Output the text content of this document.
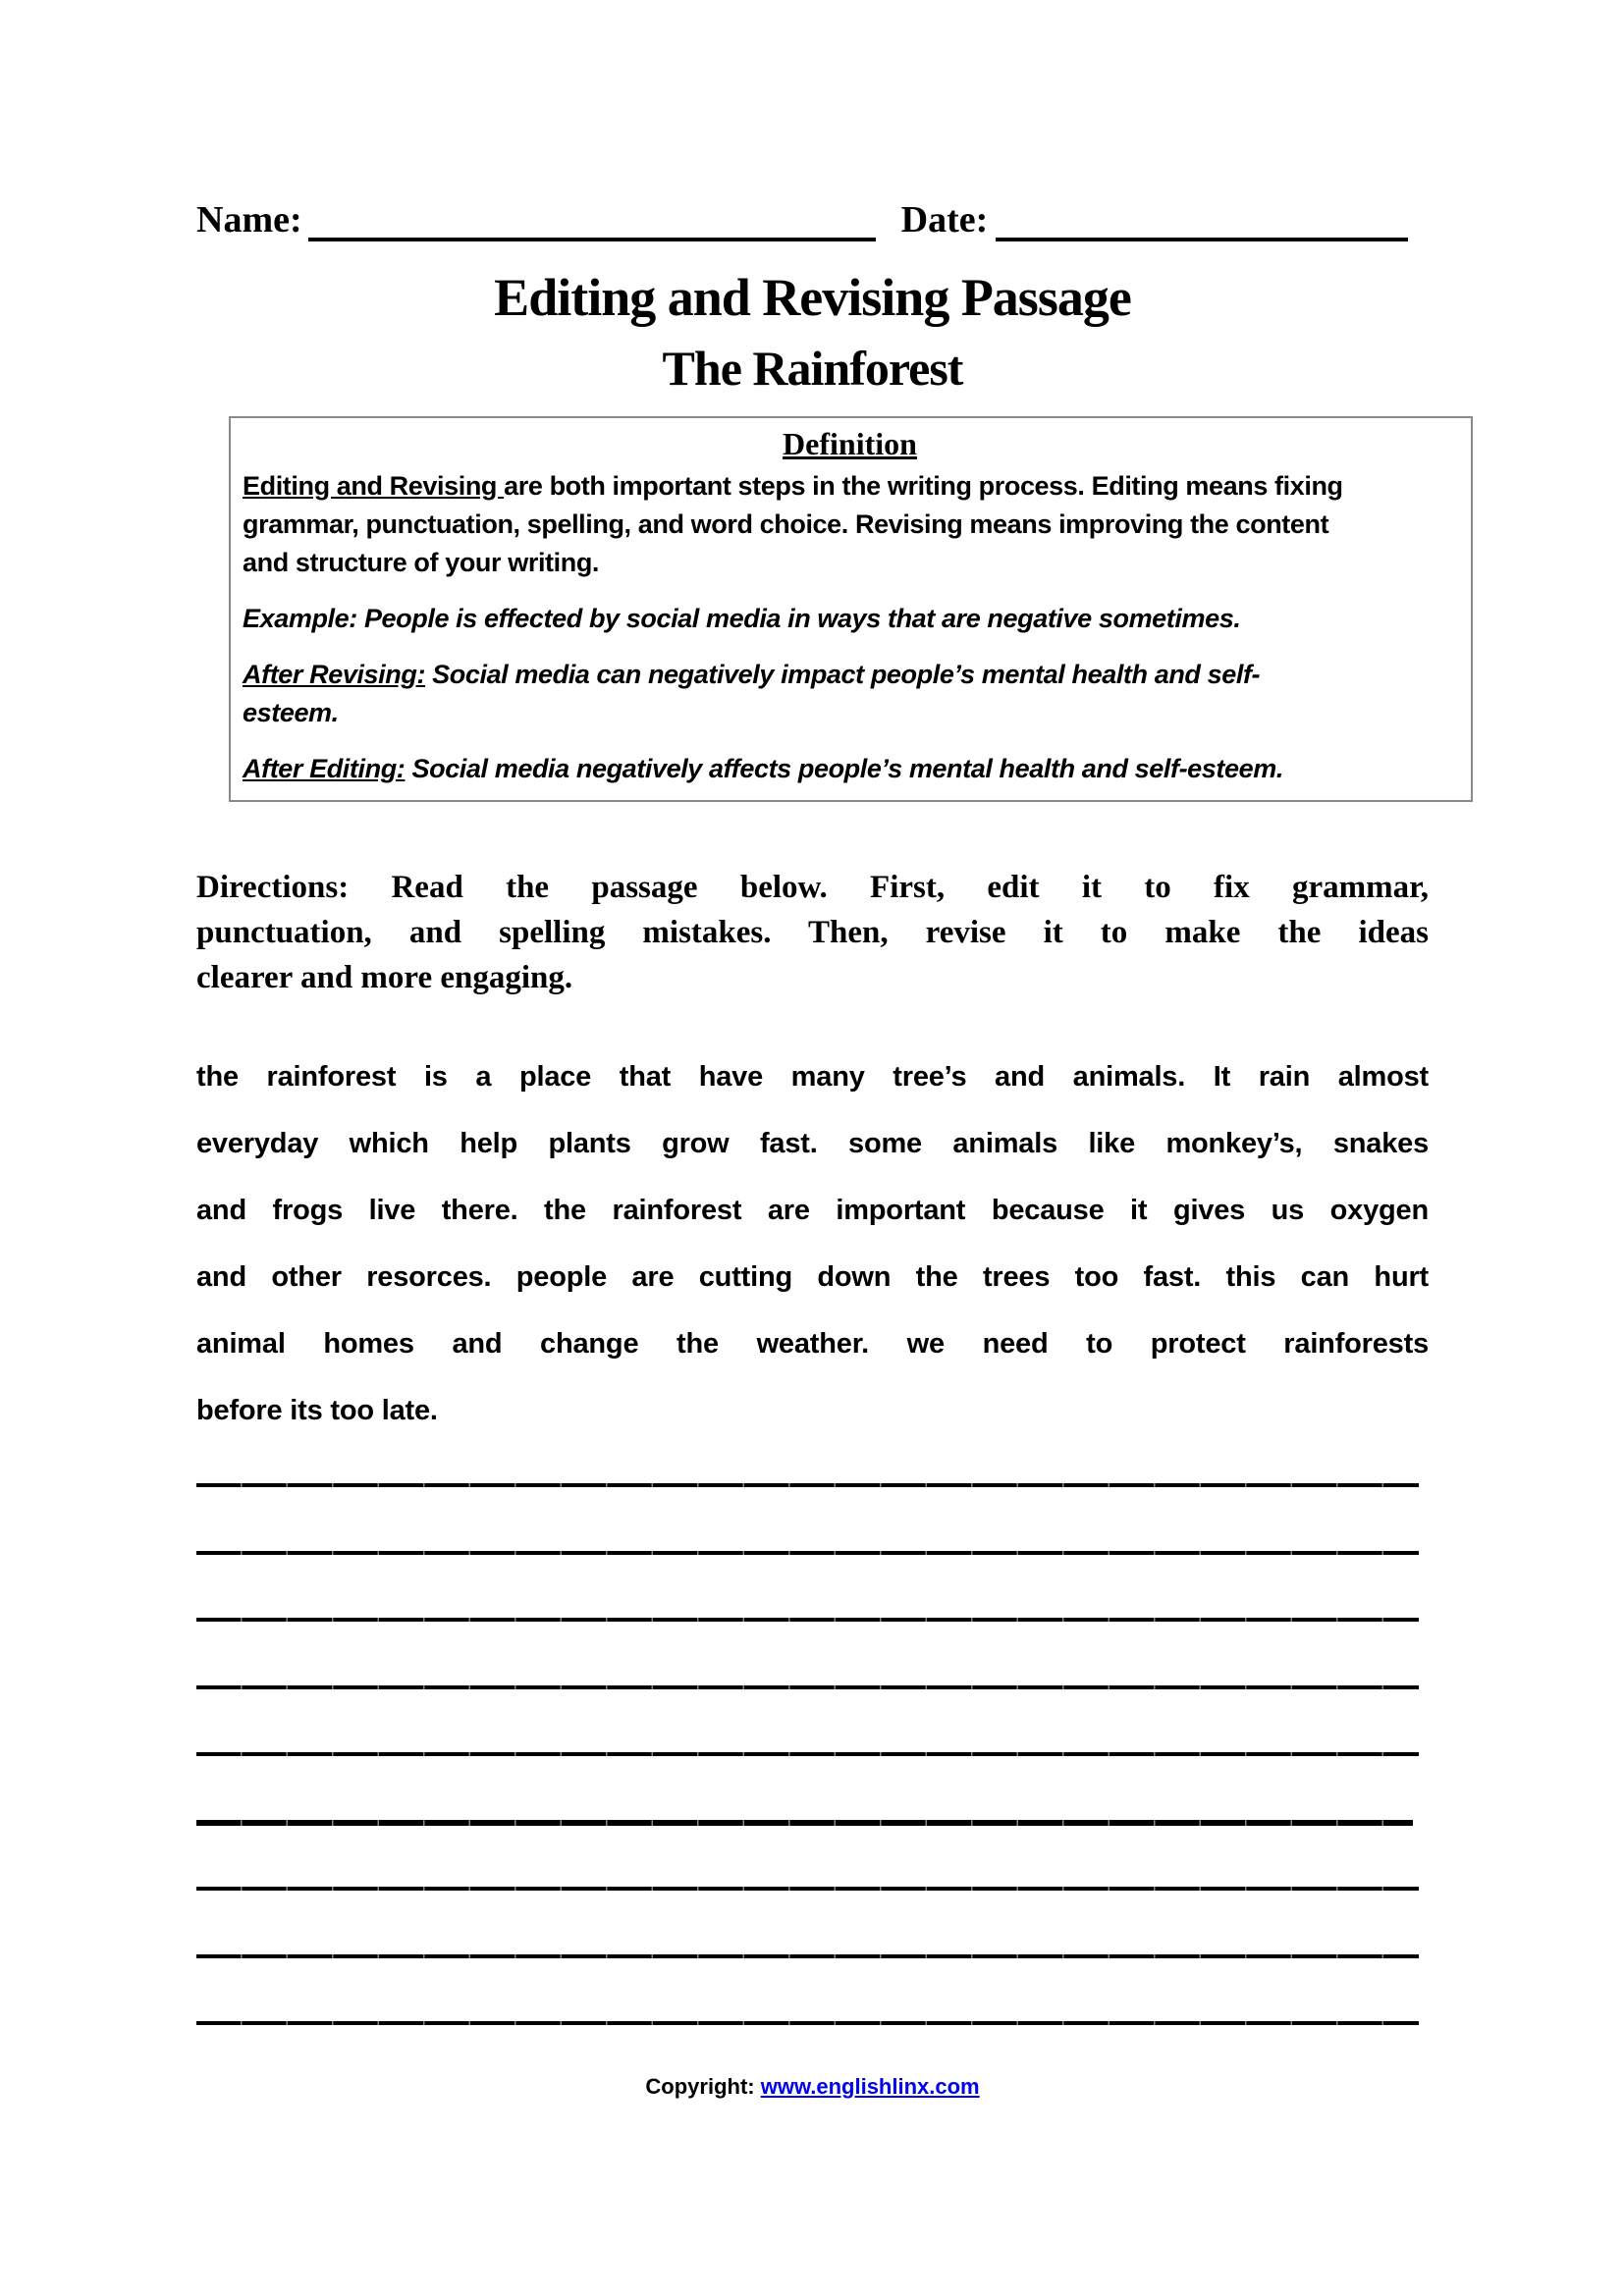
Name:	Date:
Editing and Revising Passage
The Rainforest
Definition
Editing and Revising are both important steps in the writing process. Editing means fixing
grammar, punctuation, spelling, and word choice. Revising means improving the content
and structure of your writing.
Example: People is effected by social media in ways that are negative sometimes.
After Revising: Social media can negatively impact people’s mental health and self-
esteem.
After Editing: Social media negatively affects people’s mental health and self-esteem.
Directions: Read the passage below. First, edit it to fix grammar,
punctuation, and spelling mistakes. Then, revise it to make the ideas
clearer and more engaging.
the rainforest is a place that have many tree’s and animals. It rain almost
everyday which help plants grow fast. some animals like monkey’s, snakes
and frogs live there. the rainforest are important because it gives us oxygen
and other resorces. people are cutting down the trees too fast. this can hurt
animal homes and change the weather. we need to protect rainforests
before its too late.
Copyright: www.englishlinx.com
